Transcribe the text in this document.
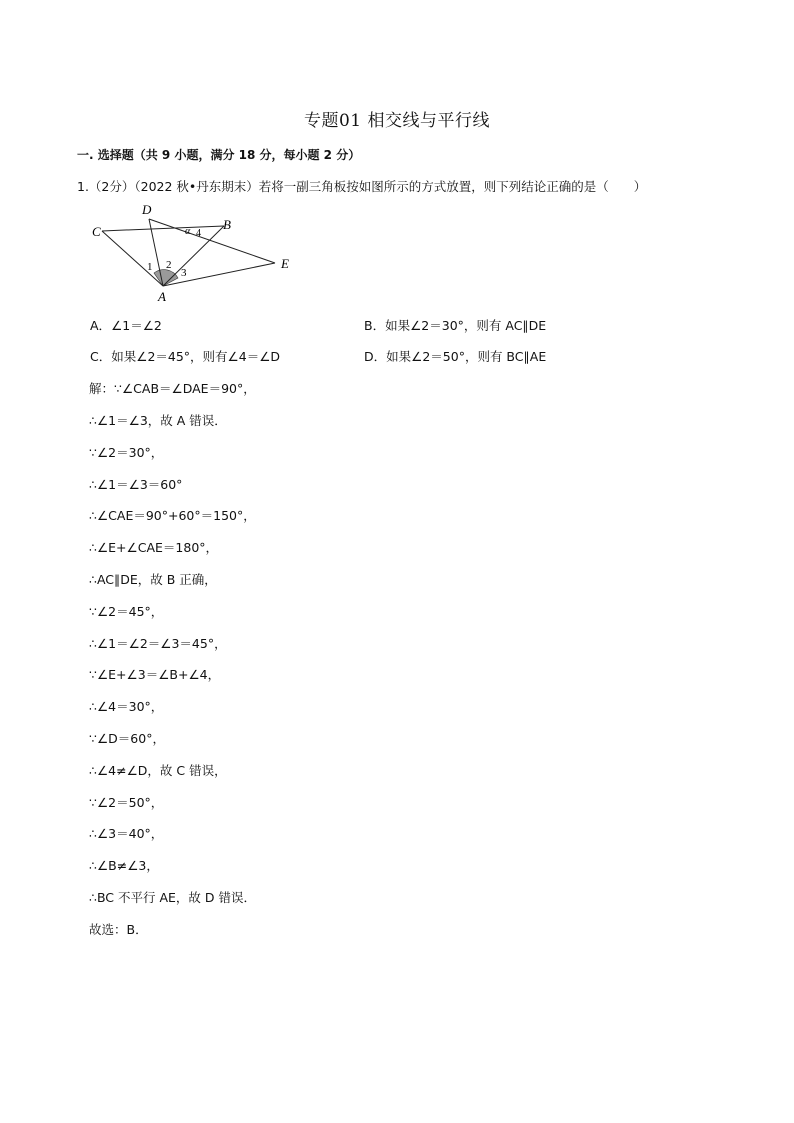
专题01 相交线与平行线
一. 选择题（共 9 小题，满分 18 分，每小题 2 分）
1.（2分）（2022 秋•丹东期末）若将一副三角板按如图所示的方式放置，则下列结论正确的是（　　）
D
B
C
E
A
1 2
3
4
α
A．∠1＝∠2	B．如果∠2＝30°，则有 AC∥DE
C．如果∠2＝45°，则有∠4＝∠D	D．如果∠2＝50°，则有 BC∥AE
解：∵∠CAB＝∠DAE＝90°，
∴∠1＝∠3，故 A 错误．
∵∠2＝30°，
∴∠1＝∠3＝60°
∴∠CAE＝90°+60°＝150°，
∴∠E+∠CAE＝180°，
∴AC∥DE，故 B 正确，
∵∠2＝45°，
∴∠1＝∠2＝∠3＝45°，
∵∠E+∠3＝∠B+∠4，
∴∠4＝30°，
∵∠D＝60°，
∴∠4≠∠D，故 C 错误，
∵∠2＝50°，
∴∠3＝40°，
∴∠B≠∠3，
∴BC 不平行 AE，故 D 错误．
故选：B．
